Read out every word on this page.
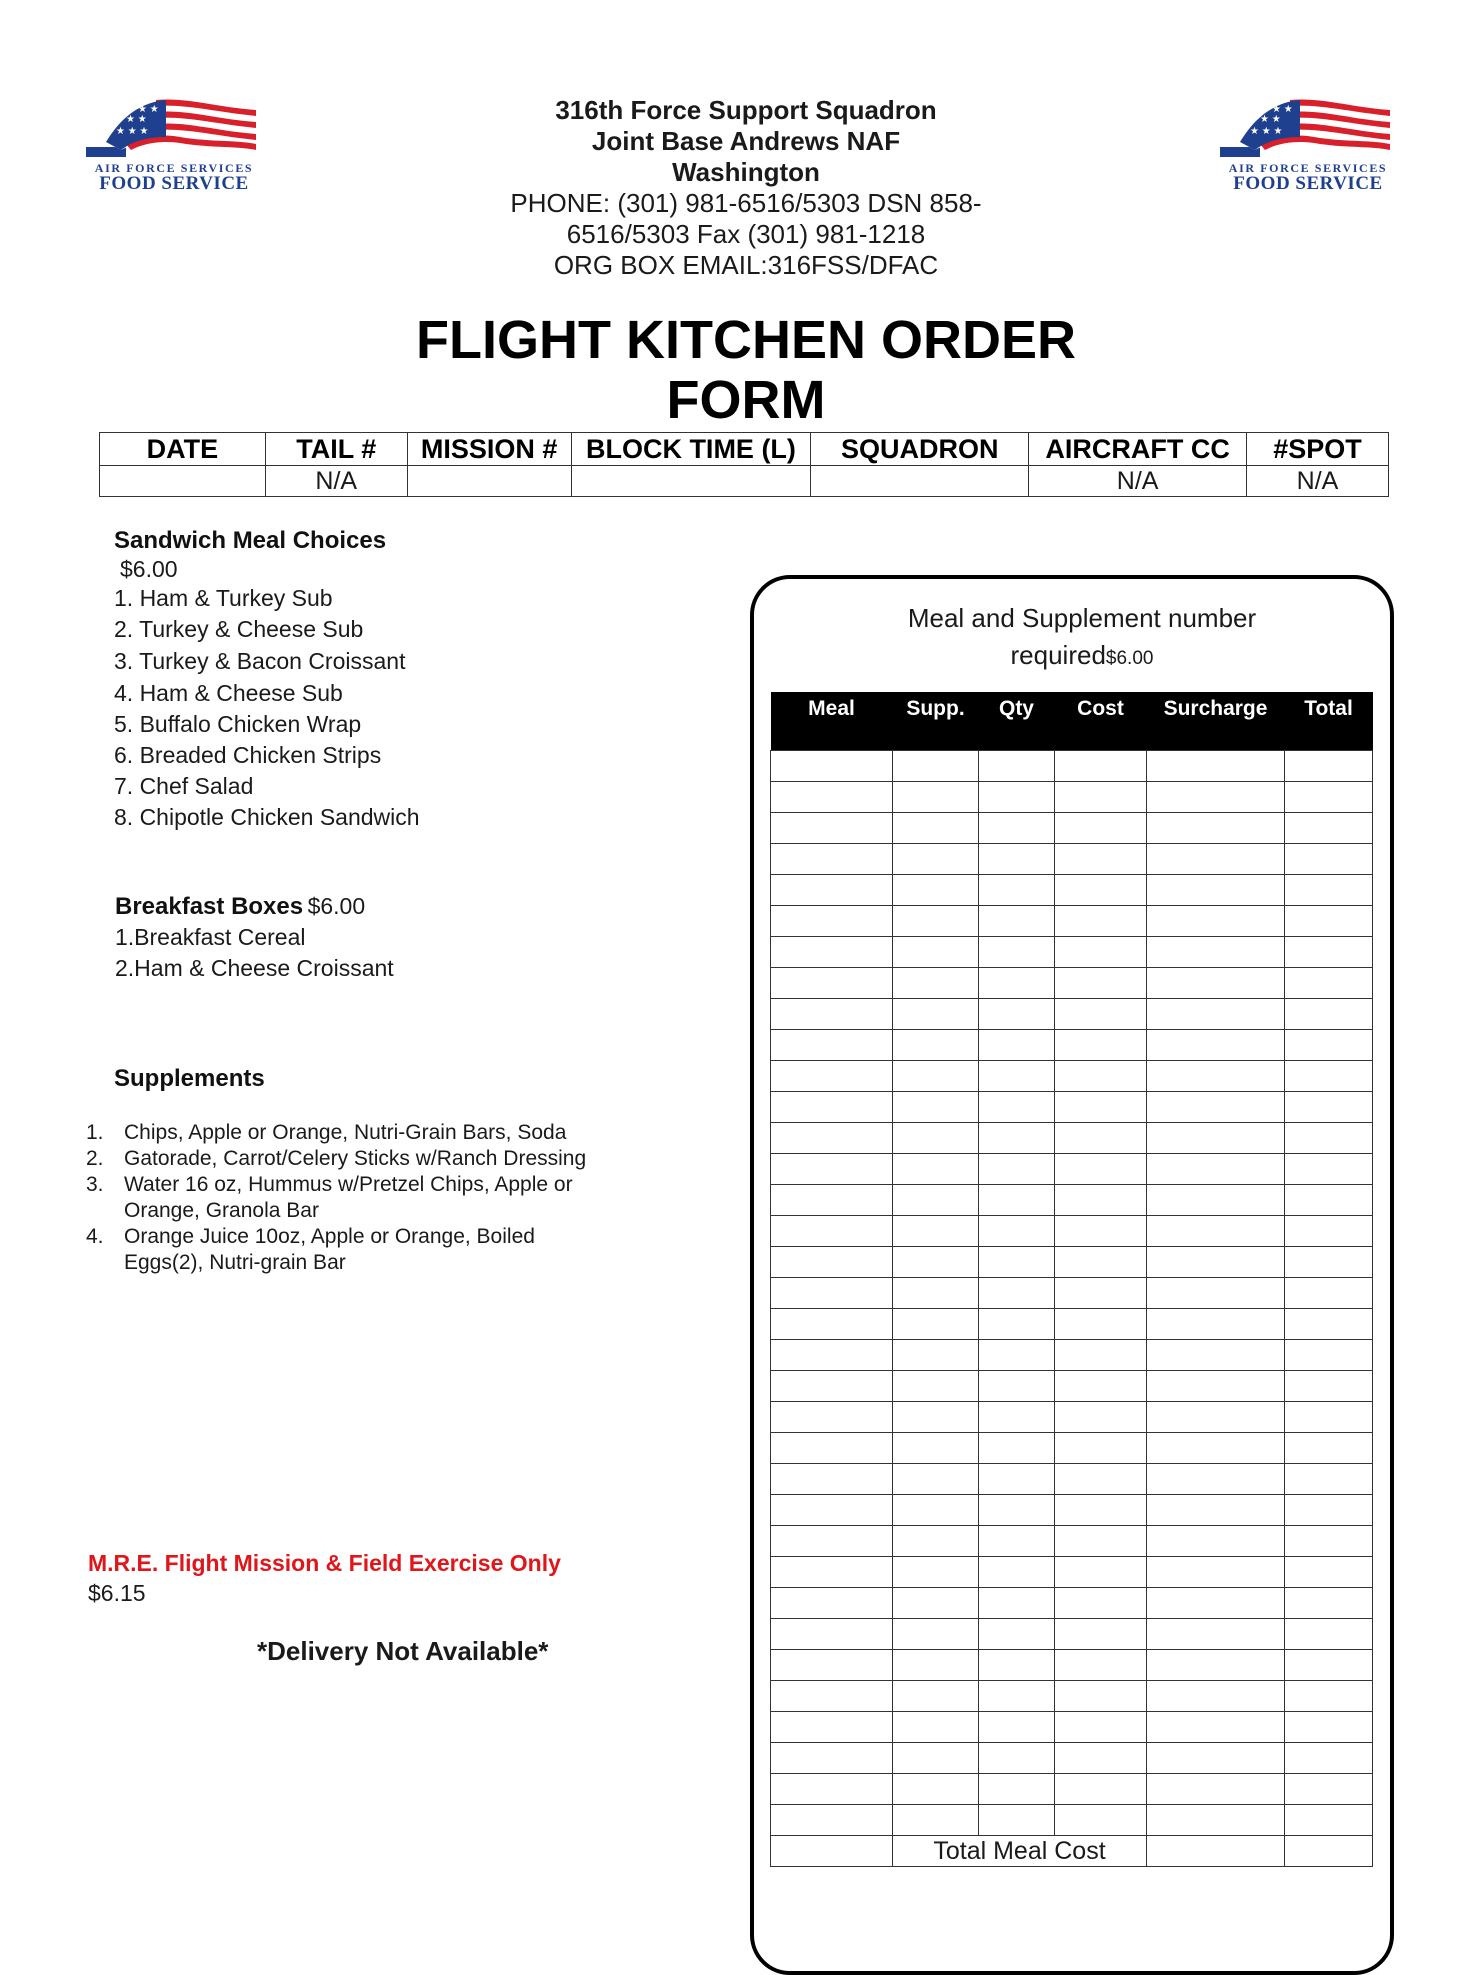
★ ★
★ ★ ★
★ ★
AIR FORCE SERVICES
FOOD SERVICE
★ ★
★ ★ ★
★ ★
AIR FORCE SERVICES
FOOD SERVICE
316th Force Support Squadron
Joint Base Andrews NAF
Washington
PHONE: (301) 981-6516/5303 DSN 858-
6516/5303 Fax (301) 981-1218
ORG BOX EMAIL:316FSS/DFAC
FLIGHT KITCHEN ORDER
FORM
DATE	TAIL #	MISSION #	BLOCK TIME (L)	SQUADRON	AIRCRAFT CC	#SPOT
	N/A				N/A	N/A
Sandwich Meal Choices
$6.00
1. Ham & Turkey Sub
2. Turkey & Cheese Sub
3. Turkey & Bacon Croissant
4. Ham & Cheese Sub
5. Buffalo Chicken Wrap
6. Breaded Chicken Strips
7. Chef Salad
8. Chipotle Chicken Sandwich
Breakfast Boxes $6.00
1.Breakfast Cereal
2.Ham & Cheese Croissant
Supplements
1. Chips, Apple or Orange, Nutri-Grain Bars, Soda
2. Gatorade, Carrot/Celery Sticks w/Ranch Dressing
3. Water 16 oz, Hummus w/Pretzel Chips, Apple or Orange, Granola Bar
4. Orange Juice 10oz, Apple or Orange, Boiled Eggs(2), Nutri-grain Bar
M.R.E. Flight Mission & Field Exercise Only
$6.15
*Delivery Not Available*
Meal and Supplement number
required$6.00
Meal	Supp.	Qty	Cost	Surcharge	Total

	Total Meal Cost				
